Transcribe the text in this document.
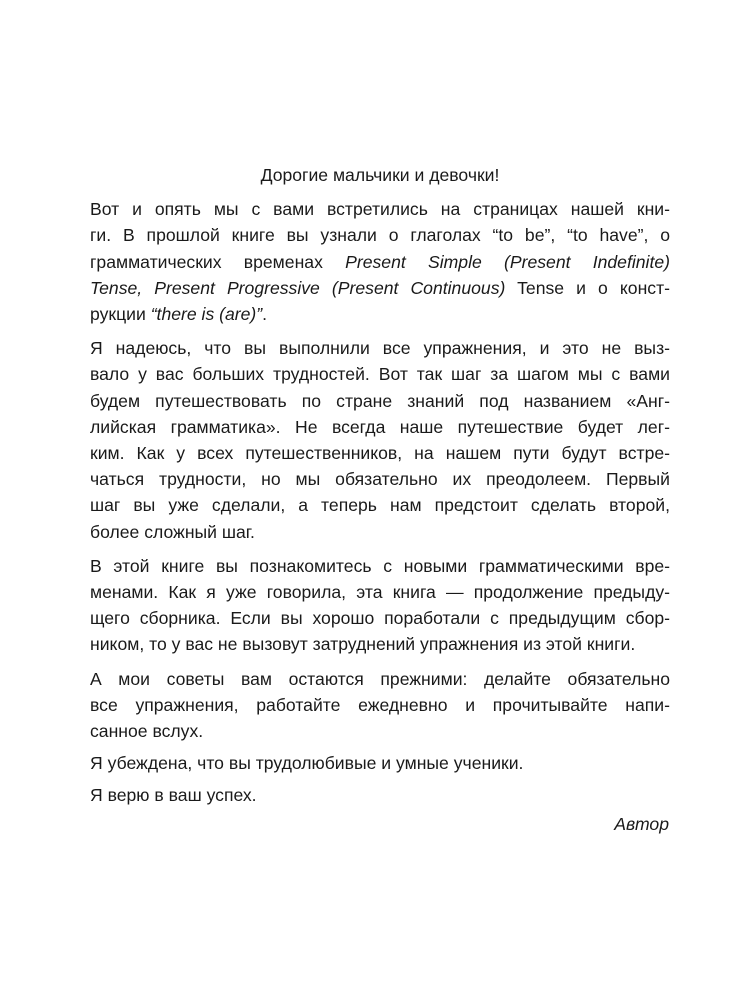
Дорогие мальчики и девочки!
Вот и опять мы с вами встретились на страницах нашей кни-
ги. В прошлой книге вы узнали о глаголах “to be”, “to have”, о
грамматических временах Present Simple (Present Indefinite)
Tense, Present Progressive (Present Continuous) Tense и о конст-
рукции “there is (are)”.
Я надеюсь, что вы выполнили все упражнения, и это не выз-
вало у вас больших трудностей. Вот так шаг за шагом мы с вами
будем путешествовать по стране знаний под названием «Анг-
лийская грамматика». Не всегда наше путешествие будет лег-
ким. Как у всех путешественников, на нашем пути будут встре-
чаться трудности, но мы обязательно их преодолеем. Первый
шаг вы уже сделали, а теперь нам предстоит сделать второй,
более сложный шаг.
В этой книге вы познакомитесь с новыми грамматическими вре-
менами. Как я уже говорила, эта книга — продолжение предыду-
щего сборника. Если вы хорошо поработали с предыдущим сбор-
ником, то у вас не вызовут затруднений упражнения из этой книги.
А мои советы вам остаются прежними: делайте обязательно
все упражнения, работайте ежедневно и прочитывайте напи-
санное вслух.
Я убеждена, что вы трудолюбивые и умные ученики.
Я верю в ваш успех.
Автор
